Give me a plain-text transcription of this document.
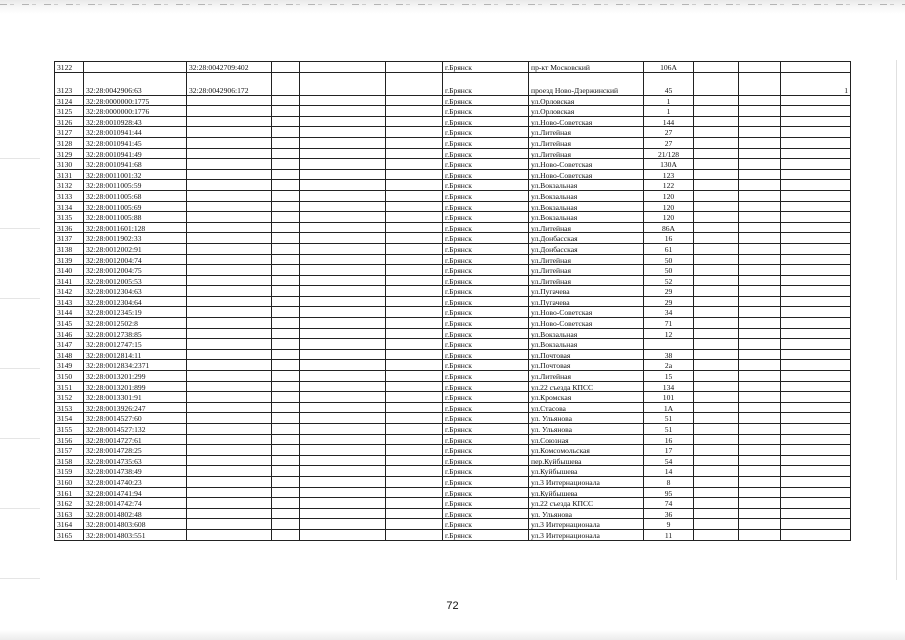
3122		32:28:0042709:402				г.Брянск	пр-кт Московский	106А			
3123	32:28:0042906:63	32:28:0042906:172				г.Брянск	проезд Ново-Дзержинский	45			1
3124	32:28:0000000:1775					г.Брянск	ул.Орловская	1			
3125	32:28:0000000:1776					г.Брянск	ул.Орловская	1			
3126	32:28:0010928:43					г.Брянск	ул.Ново-Советская	144			
3127	32:28:0010941:44					г.Брянск	ул.Литейная	27			
3128	32:28:0010941:45					г.Брянск	ул.Литейная	27			
3129	32:28:0010941:49					г.Брянск	ул.Литейная	21/128			
3130	32:28:0010941:68					г.Брянск	ул.Ново-Советская	130А			
3131	32:28:0011001:32					г.Брянск	ул.Ново-Советская	123			
3132	32:28:0011005:59					г.Брянск	ул.Вокзальная	122			
3133	32:28:0011005:68					г.Брянск	ул.Вокзальная	120			
3134	32:28:0011005:69					г.Брянск	ул.Вокзальная	120			
3135	32:28:0011005:88					г.Брянск	ул.Вокзальная	120			
3136	32:28:0011601:128					г.Брянск	ул.Литейная	86А			
3137	32:28:0011902:33					г.Брянск	ул.Донбасская	16			
3138	32:28:0012002:91					г.Брянск	ул.Донбасская	61			
3139	32:28:0012004:74					г.Брянск	ул.Литейная	50			
3140	32:28:0012004:75					г.Брянск	ул.Литейная	50			
3141	32:28:0012005:53					г.Брянск	ул.Литейная	52			
3142	32:28:0012304:63					г.Брянск	ул.Пугачева	29			
3143	32:28:0012304:64					г.Брянск	ул.Пугачева	29			
3144	32:28:0012345:19					г.Брянск	ул.Ново-Советская	34			
3145	32:28:0012502:8					г.Брянск	ул.Ново-Советская	71			
3146	32:28:0012738:85					г.Брянск	ул.Вокзальная	12			
3147	32:28:0012747:15					г.Брянск	ул.Вокзальная				
3148	32:28:0012814:11					г.Брянск	ул.Почтовая	38			
3149	32:28:0012834:2371					г.Брянск	ул.Почтовая	2а			
3150	32:28:0013201:299					г.Брянск	ул.Литейная	15			
3151	32:28:0013201:899					г.Брянск	ул.22 съезда КПСС	134			
3152	32:28:0013301:91					г.Брянск	ул.Кромская	101			
3153	32:28:0013926:247					г.Брянск	ул.Стасова	1А			
3154	32:28:0014527:60					г.Брянск	ул. Ульянова	51			
3155	32:28:0014527:132					г.Брянск	ул. Ульянова	51			
3156	32:28:0014727:61					г.Брянск	ул.Союзная	16			
3157	32:28:0014728:25					г.Брянск	ул.Комсомольская	17			
3158	32:28:0014735:63					г.Брянск	пер.Куйбышева	54			
3159	32:28:0014738:49					г.Брянск	ул.Куйбышева	14			
3160	32:28:0014740:23					г.Брянск	ул.3 Интернационала	8			
3161	32:28:0014741:94					г.Брянск	ул.Куйбышева	95			
3162	32:28:0014742:74					г.Брянск	ул.22 съезда КПСС	74			
3163	32:28:0014802:48					г.Брянск	ул. Ульянова	36			
3164	32:28:0014803:608					г.Брянск	ул.3 Интернационала	9			
3165	32:28:0014803:551					г.Брянск	ул.3 Интернационала	11			
72
